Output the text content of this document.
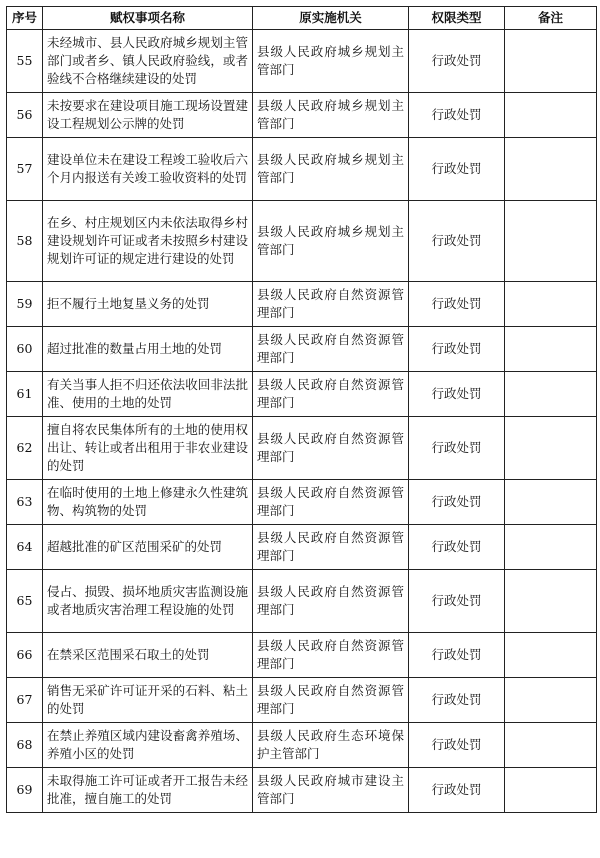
序号	赋权事项名称	原实施机关	权限类型	备注
55	未经城市、县人民政府城乡规划主管部门或者乡、镇人民政府验线，或者验线不合格继续建设的处罚	县级人民政府城乡规划主管部门	行政处罚	
56	未按要求在建设项目施工现场设置建设工程规划公示牌的处罚	县级人民政府城乡规划主管部门	行政处罚	
57	建设单位未在建设工程竣工验收后六个月内报送有关竣工验收资料的处罚	县级人民政府城乡规划主管部门	行政处罚	
58	在乡、村庄规划区内未依法取得乡村建设规划许可证或者未按照乡村建设规划许可证的规定进行建设的处罚	县级人民政府城乡规划主管部门	行政处罚	
59	拒不履行土地复垦义务的处罚	县级人民政府自然资源管理部门	行政处罚	
60	超过批准的数量占用土地的处罚	县级人民政府自然资源管理部门	行政处罚	
61	有关当事人拒不归还依法收回非法批准、使用的土地的处罚	县级人民政府自然资源管理部门	行政处罚	
62	擅自将农民集体所有的土地的使用权出让、转让或者出租用于非农业建设的处罚	县级人民政府自然资源管理部门	行政处罚	
63	在临时使用的土地上修建永久性建筑物、构筑物的处罚	县级人民政府自然资源管理部门	行政处罚	
64	超越批准的矿区范围采矿的处罚	县级人民政府自然资源管理部门	行政处罚	
65	侵占、损毁、损坏地质灾害监测设施或者地质灾害治理工程设施的处罚	县级人民政府自然资源管理部门	行政处罚	
66	在禁采区范围采石取土的处罚	县级人民政府自然资源管理部门	行政处罚	
67	销售无采矿许可证开采的石料、粘土的处罚	县级人民政府自然资源管理部门	行政处罚	
68	在禁止养殖区域内建设畜禽养殖场、养殖小区的处罚	县级人民政府生态环境保护主管部门	行政处罚	
69	未取得施工许可证或者开工报告未经批准，擅自施工的处罚	县级人民政府城市建设主管部门	行政处罚	
